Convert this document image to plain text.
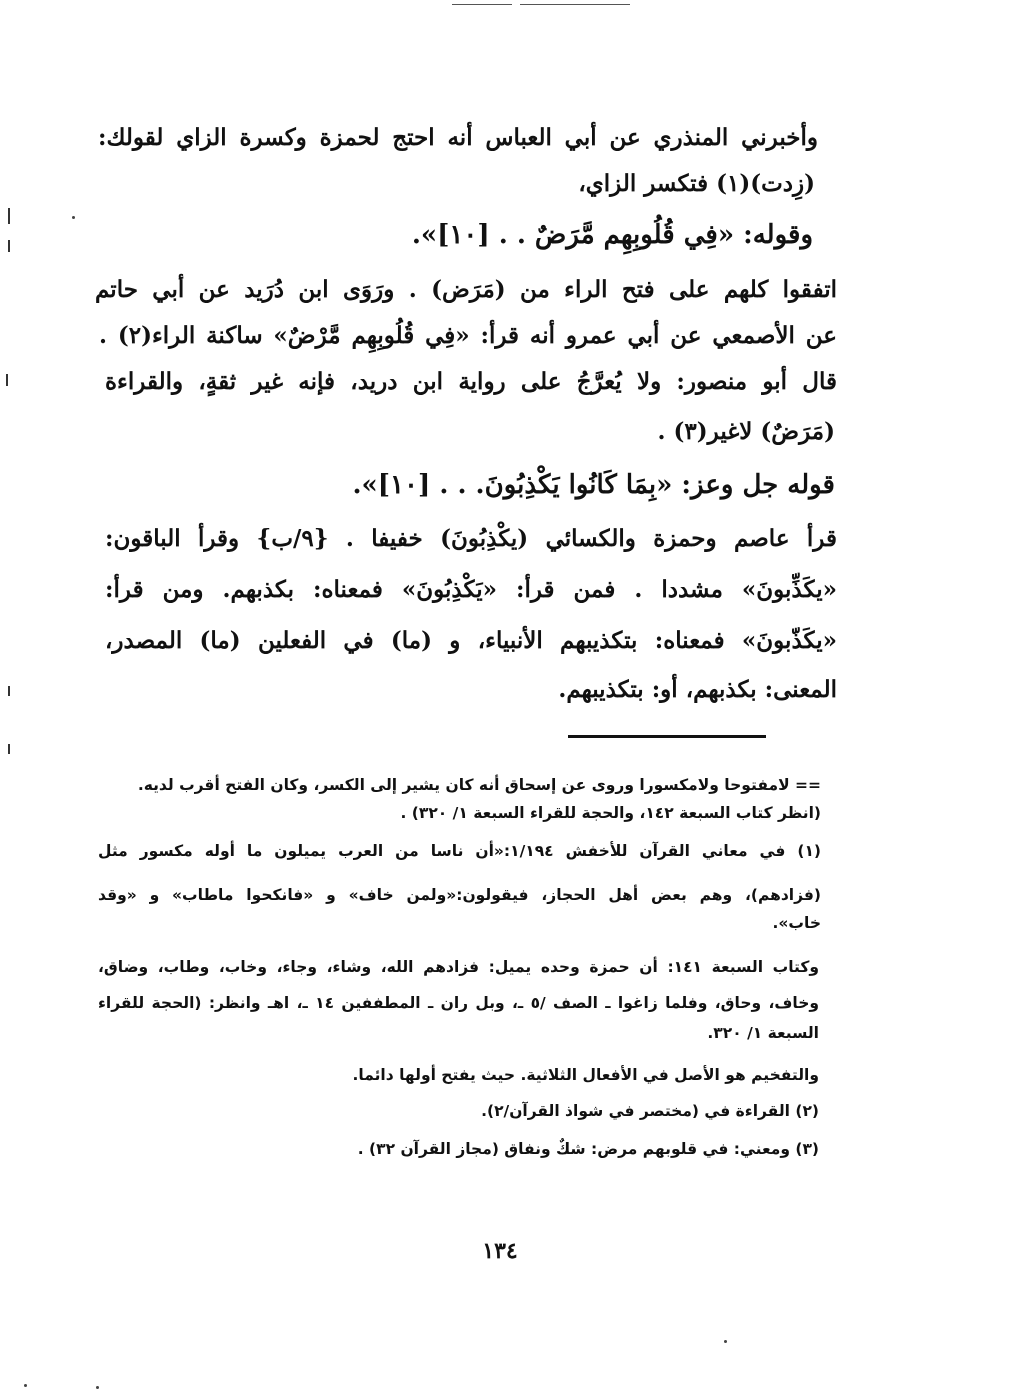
وأخبرني المنذري عن أبي العباس أنه احتج لحمزة وكسرة الزاي لقولك:
(زِدت)(١) فتكسر الزاي،
وقوله: «فِي قُلُوبِهِم مَّرَضٌ . . [١٠]».
اتفقوا كلهم على فتح الراء من (مَرَض) . ورَوَى ابن دُرَيد عن أبي حاتم
عن الأصمعي عن أبي عمرو أنه قرأ: «فِي قُلُوبِهِم مَّرْضٌ» ساكنة الراء(٢) .
قال أبو منصور: ولا يُعرَّجُ على رواية ابن دريد، فإنه غير ثقةٍ، والقراءة
(مَرَضٌ) لاغير(٣) .
قوله جل وعز: «بِمَا كَانُوا يَكْذِبُونَ. . . [١٠]».
قرأ عاصم وحمزة والكسائي (يكْذِبُونَ) خفيفا . {٩/ب} وقرأ الباقون:
«يكَذِّبونَ» مشددا . فمن قرأ: «يَكْذِبُونَ» فمعناه: بكذبهم. ومن قرأ:
«يكَذّبونَ» فمعناه: بتكذيبهم الأنبياء، و (ما) في الفعلين (ما) المصدر،
المعنى: بكذبهم، أو: بتكذيبهم.
== لامفتوحا ولامكسورا وروى عن إسحاق أنه كان يشير إلى الكسر، وكان الفتح أقرب لديه.
(انظر كتاب السبعة ١٤٢، والحجة للقراء السبعة ١/ ٣٢٠) .
(١) في معاني القرآن للأخفش ١/١٩٤:«أن ناسا من العرب يميلون ما أوله مكسور مثل
(فزادهم)، وهم بعض أهل الحجاز، فيقولون:«ولمن خاف» و «فانكحوا ماطاب» و «وقد
خاب».
وكتاب السبعة ١٤١: أن حمزة وحده يميل: فزادهم الله، وشاء، وجاء، وخاب، وطاب، وضاق،
وخاف، وحاق، وفلما زاغوا ـ الصف /٥ ـ، وبل ران ـ المطففين ١٤ ـ، اهـ وانظر: (الحجة للقراء
السبعة ١/ ٣٢٠.
والتفخيم هو الأصل في الأفعال الثلاثية. حيث يفتح أولها دائما.
(٢) القراءة في (مختصر في شواذ القرآن/٢).
(٣) ومعني: في قلوبهم مرض: شكٌ ونفاق (مجاز القرآن ٣٢) .
١٣٤
